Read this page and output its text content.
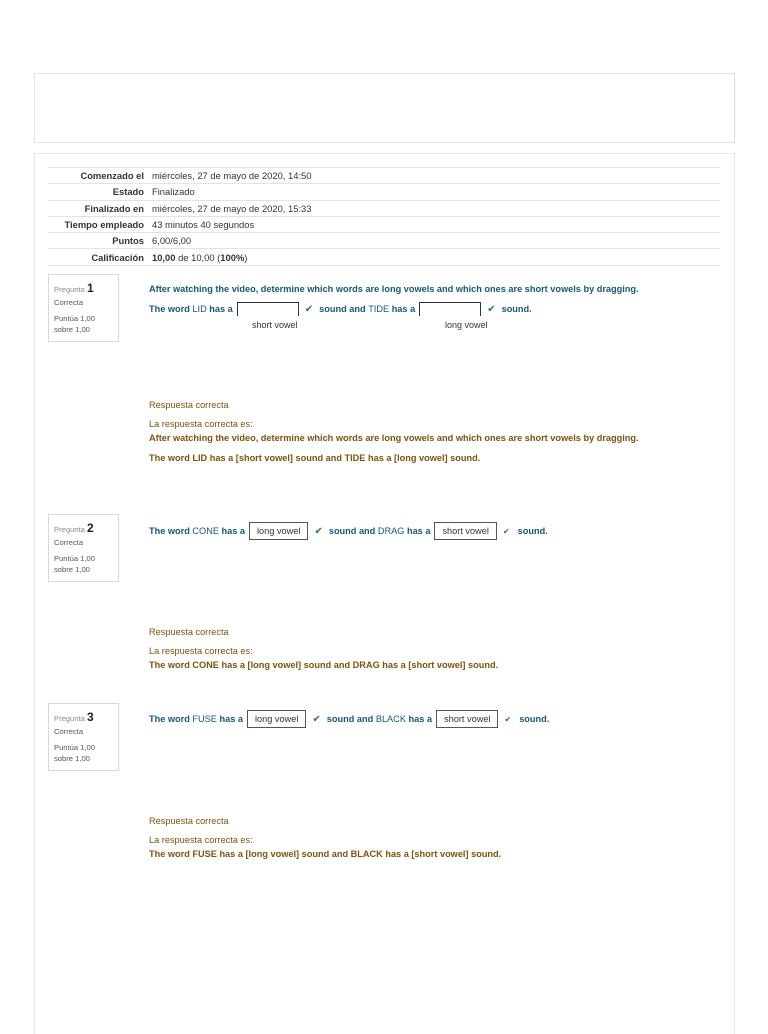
Comenzado el	miércoles, 27 de mayo de 2020, 14:50
Estado	Finalizado
Finalizado en	miércoles, 27 de mayo de 2020, 15:33
Tiempo empleado	43 minutos 40 segundos
Puntos	6,00/6,00
Calificación	10,00 de 10,00 (100%)
Pregunta 1
Correcta
Puntúa 1,00
sobre 1,00
After watching the video, determine which words are long vowels and which ones are short vowels by dragging.
The word
LID
has a	✔ sound and
TIDE
has a	✔ sound.
short vowel	long vowel
Respuesta correcta
La respuesta correcta es:
After watching the video, determine which words are long vowels and which ones are short vowels by dragging.
The word LID has a [short vowel] sound and TIDE has a [long vowel] sound.
Pregunta 2
Correcta
Puntúa 1,00
sobre 1,00
The word
CONE
has a	long vowel	✔ sound and
DRAG
has a	short vowel	✔ sound.
Respuesta correcta
La respuesta correcta es:
The word CONE has a [long vowel] sound and DRAG has a [short vowel] sound.
Pregunta 3
Correcta
Puntúa 1,00
sobre 1,00
The word
FUSE
has a	long vowel	✔ sound and
BLACK
has a	short vowel	✔ sound.
Respuesta correcta
La respuesta correcta es:
The word FUSE has a [long vowel] sound and BLACK has a [short vowel] sound.
